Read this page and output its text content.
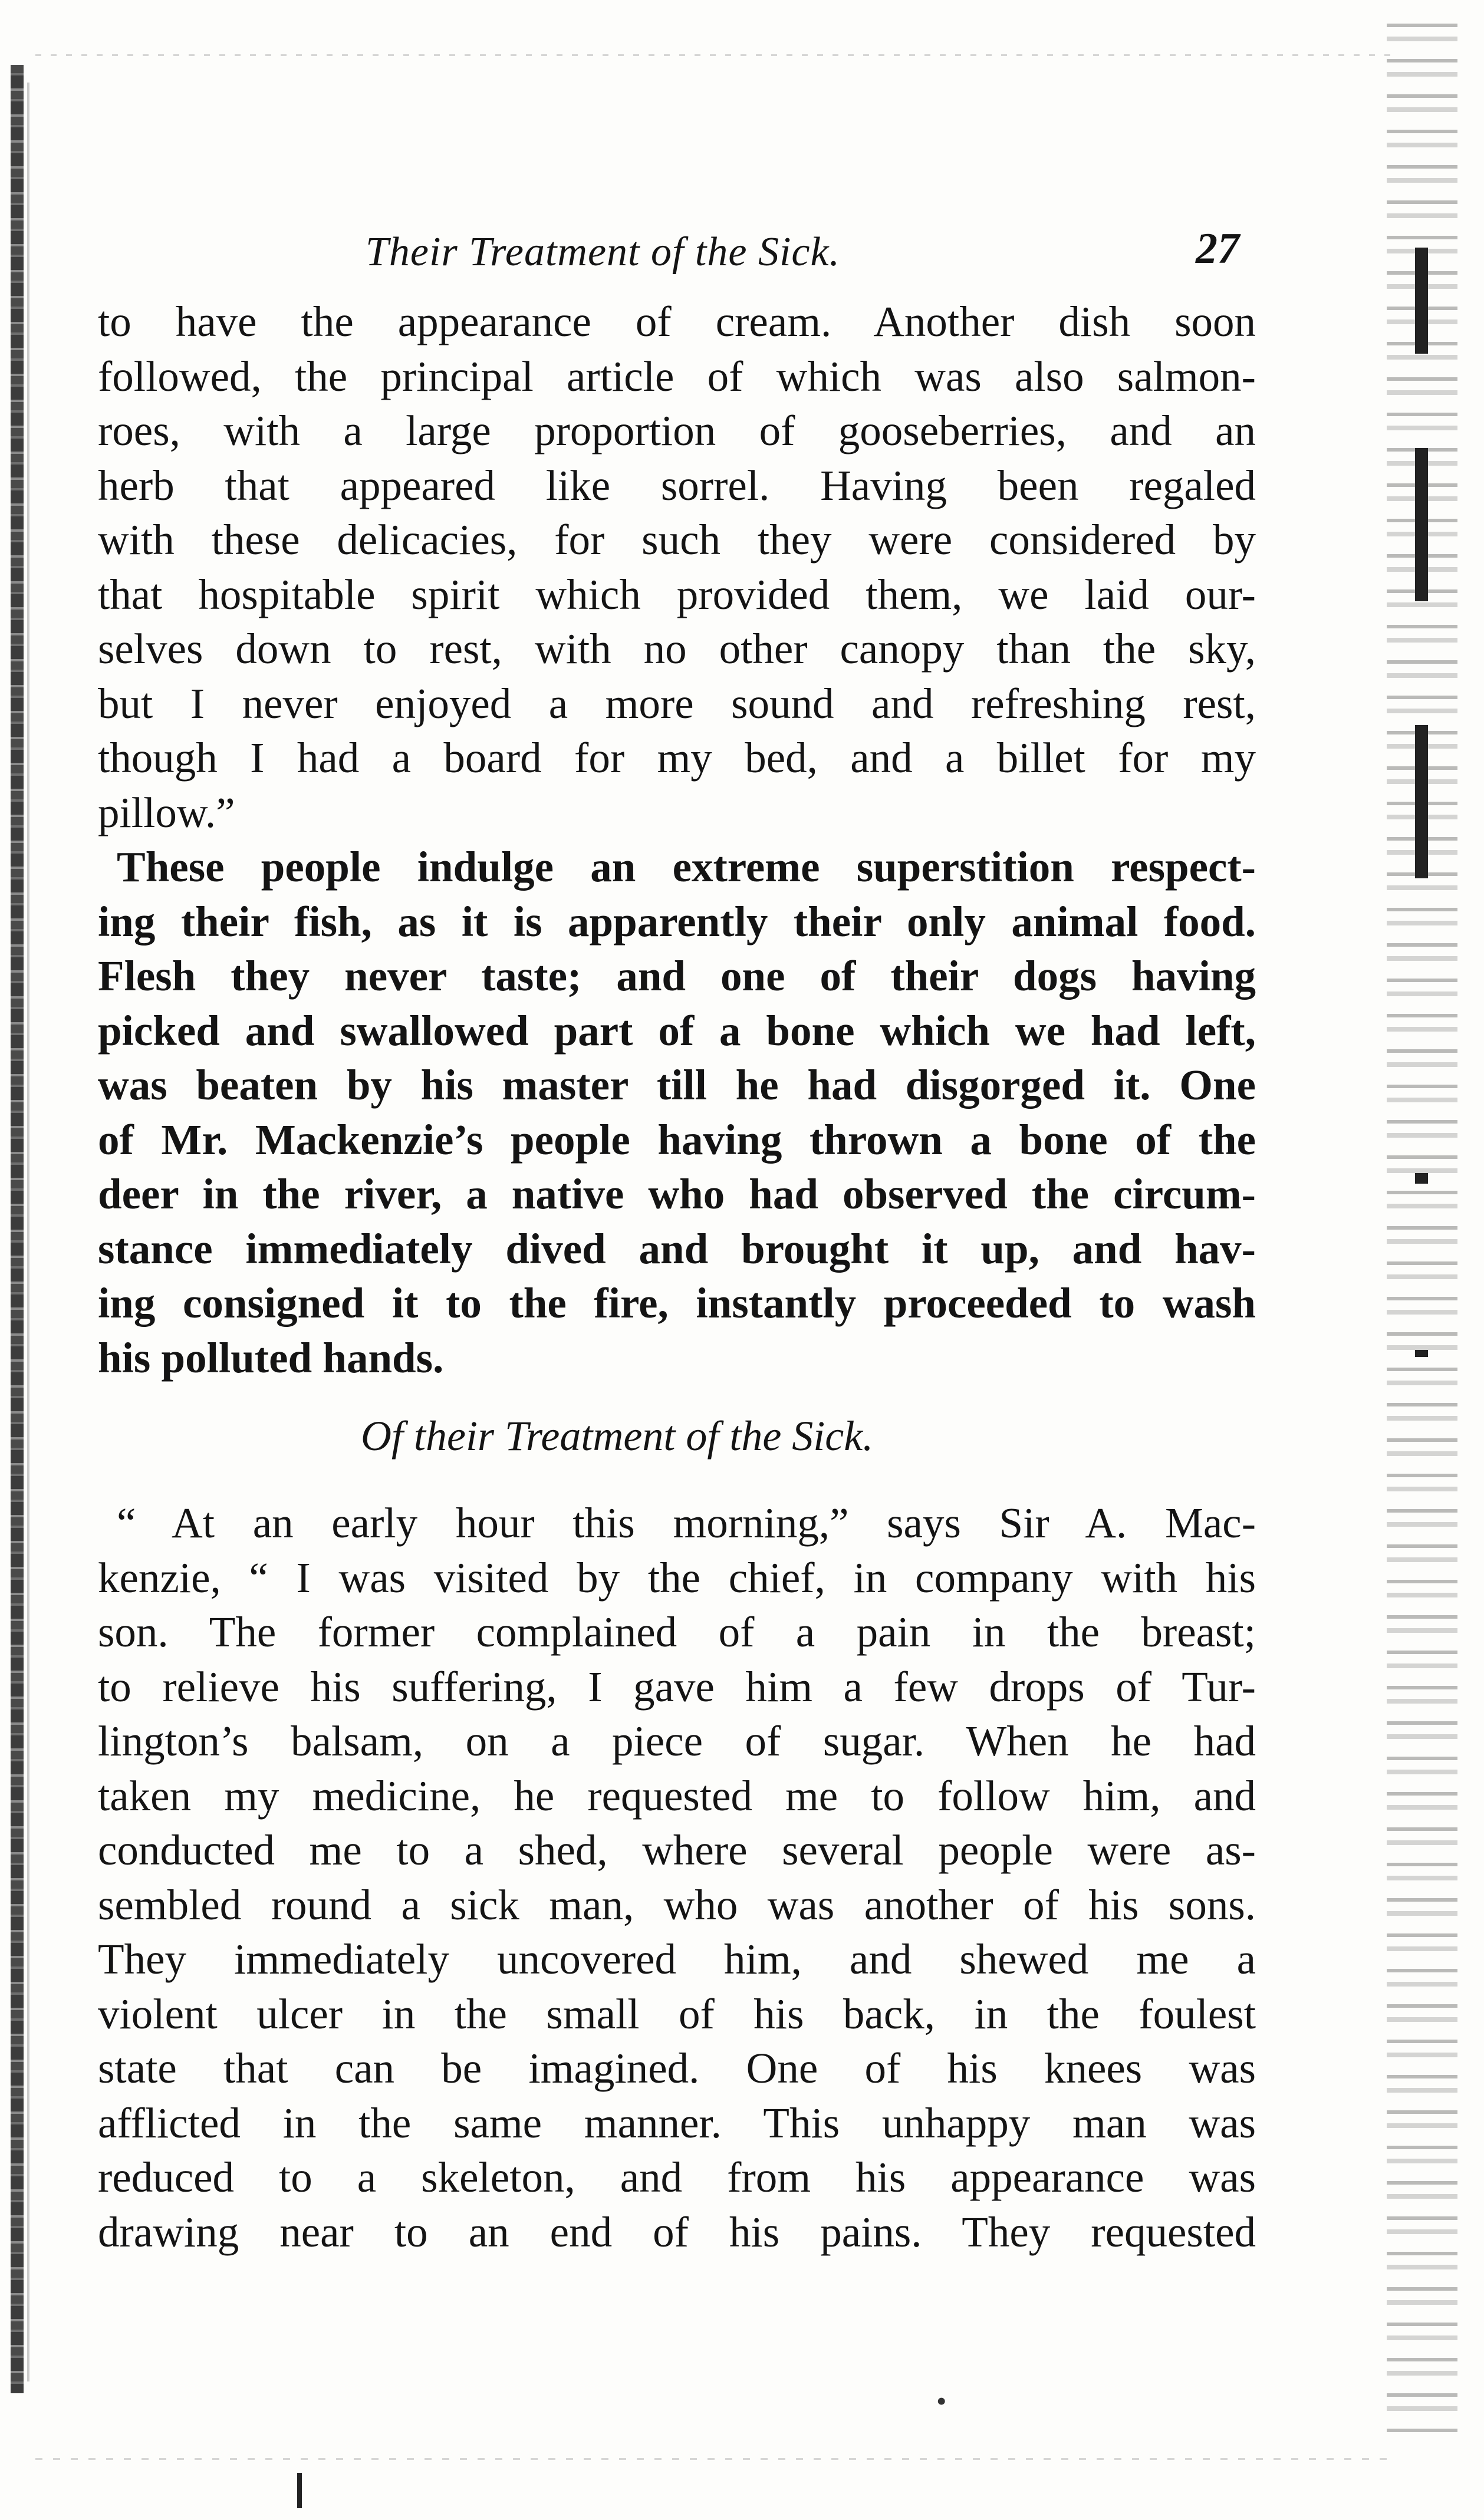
Their Treatment of the Sick.	27
to have the appearance of cream. Another dish soon
followed, the principal article of which was also salmon-
roes, with a large proportion of gooseberries, and an
herb that appeared like sorrel. Having been regaled
with these delicacies, for such they were considered by
that hospitable spirit which provided them, we laid our-
selves down to rest, with no other canopy than the sky,
but I never enjoyed a more sound and refreshing rest,
though I had a board for my bed, and a billet for my
pillow.”
These people indulge an extreme superstition respect-
ing their fish, as it is apparently their only animal food.
Flesh they never taste; and one of their dogs having
picked and swallowed part of a bone which we had left,
was beaten by his master till he had disgorged it. One
of Mr. Mackenzie’s people having thrown a bone of the
deer in the river, a native who had observed the circum-
stance immediately dived and brought it up, and hav-
ing consigned it to the fire, instantly proceeded to wash
his polluted hands.
Of their Treatment of the Sick.
“ At an early hour this morning,” says Sir A. Mac-
kenzie, “ I was visited by the chief, in company with his
son. The former complained of a pain in the breast;
to relieve his suffering, I gave him a few drops of Tur-
lington’s balsam, on a piece of sugar. When he had
taken my medicine, he requested me to follow him, and
conducted me to a shed, where several people were as-
sembled round a sick man, who was another of his sons.
They immediately uncovered him, and shewed me a
violent ulcer in the small of his back, in the foulest
state that can be imagined. One of his knees was
afflicted in the same manner. This unhappy man was
reduced to a skeleton, and from his appearance was
drawing near to an end of his pains. They requested
•
